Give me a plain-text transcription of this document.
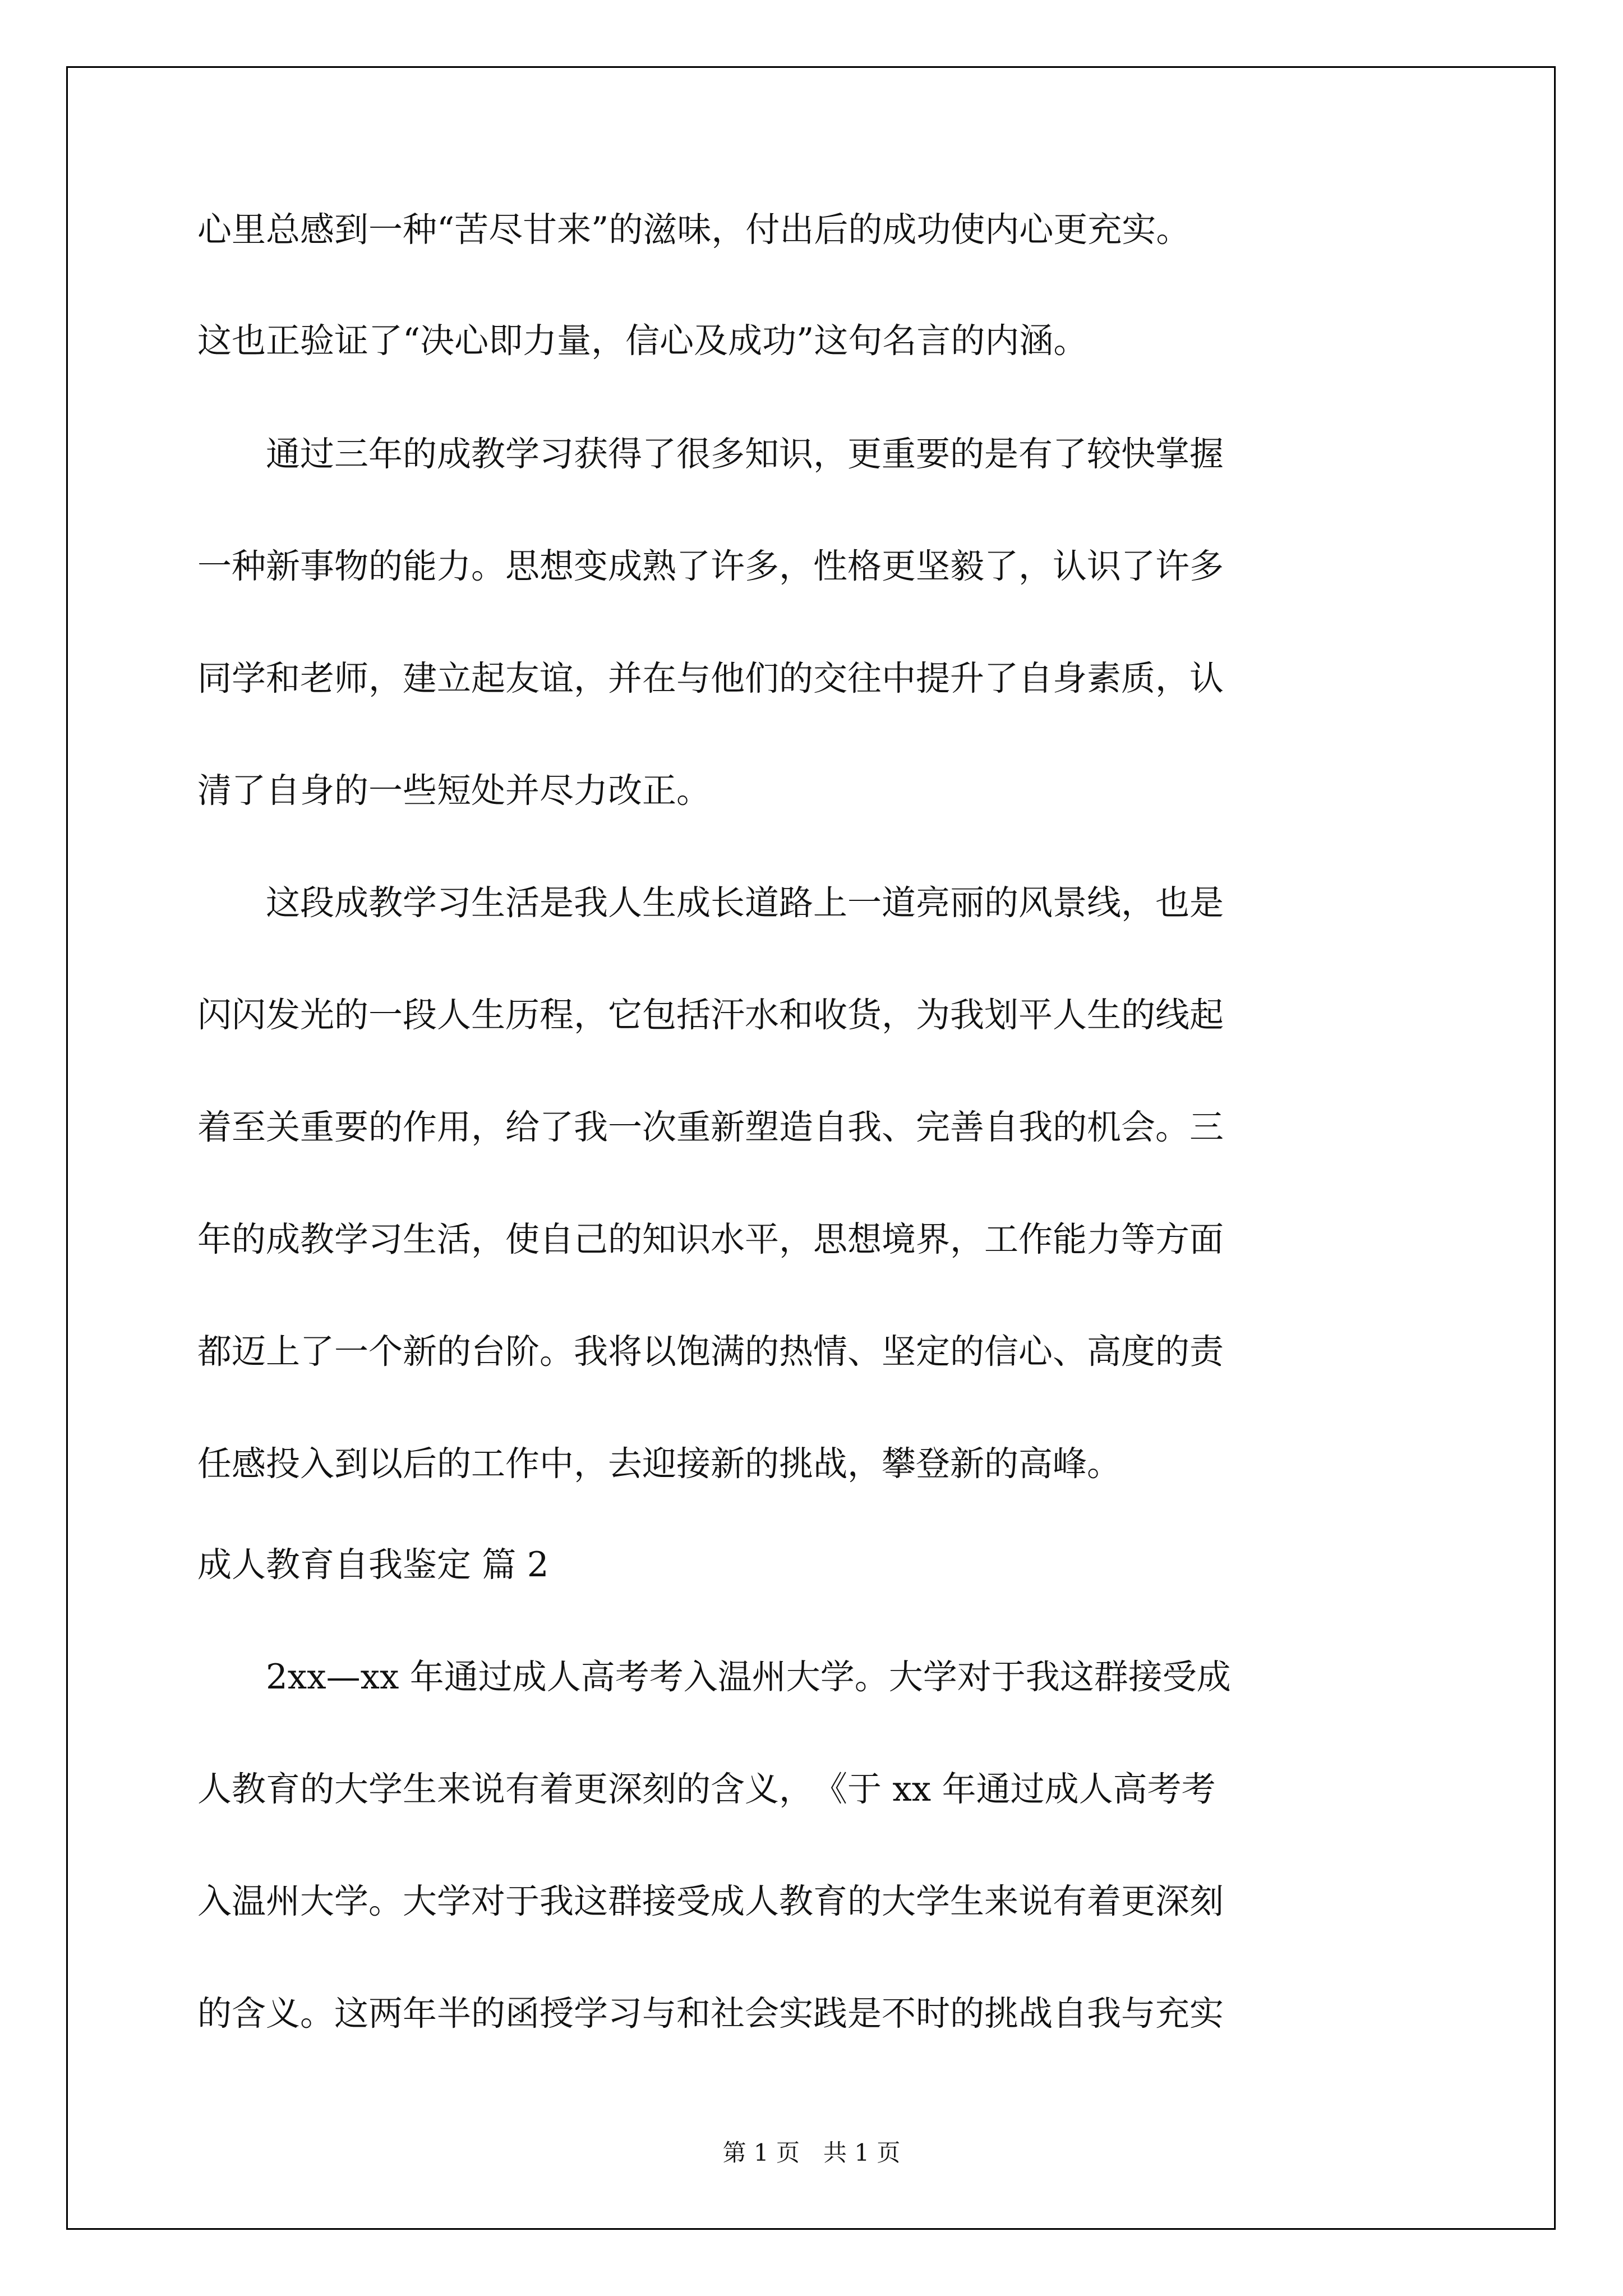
心里总感到一种“苦尽甘来”的滋味，付出后的成功使内心更充实。
这也正验证了“决心即力量，信心及成功”这句名言的内涵。
通过三年的成教学习获得了很多知识，更重要的是有了较快掌握
一种新事物的能力。思想变成熟了许多，性格更坚毅了，认识了许多
同学和老师，建立起友谊，并在与他们的交往中提升了自身素质，认
清了自身的一些短处并尽力改正。
这段成教学习生活是我人生成长道路上一道亮丽的风景线，也是
闪闪发光的一段人生历程，它包括汗水和收货，为我划平人生的线起
着至关重要的作用，给了我一次重新塑造自我、完善自我的机会。三
年的成教学习生活，使自己的知识水平，思想境界，工作能力等方面
都迈上了一个新的台阶。我将以饱满的热情、坚定的信心、高度的责
任感投入到以后的工作中，去迎接新的挑战，攀登新的高峰。
成人教育自我鉴定 篇 2
2xx—xx 年通过成人高考考入温州大学。大学对于我这群接受成
人教育的大学生来说有着更深刻的含义，　《于 xx 年通过成人高考考
入温州大学。大学对于我这群接受成人教育的大学生来说有着更深刻
的含义。这两年半的函授学习与和社会实践是不时的挑战自我与充实
第 1 页　共 1 页
